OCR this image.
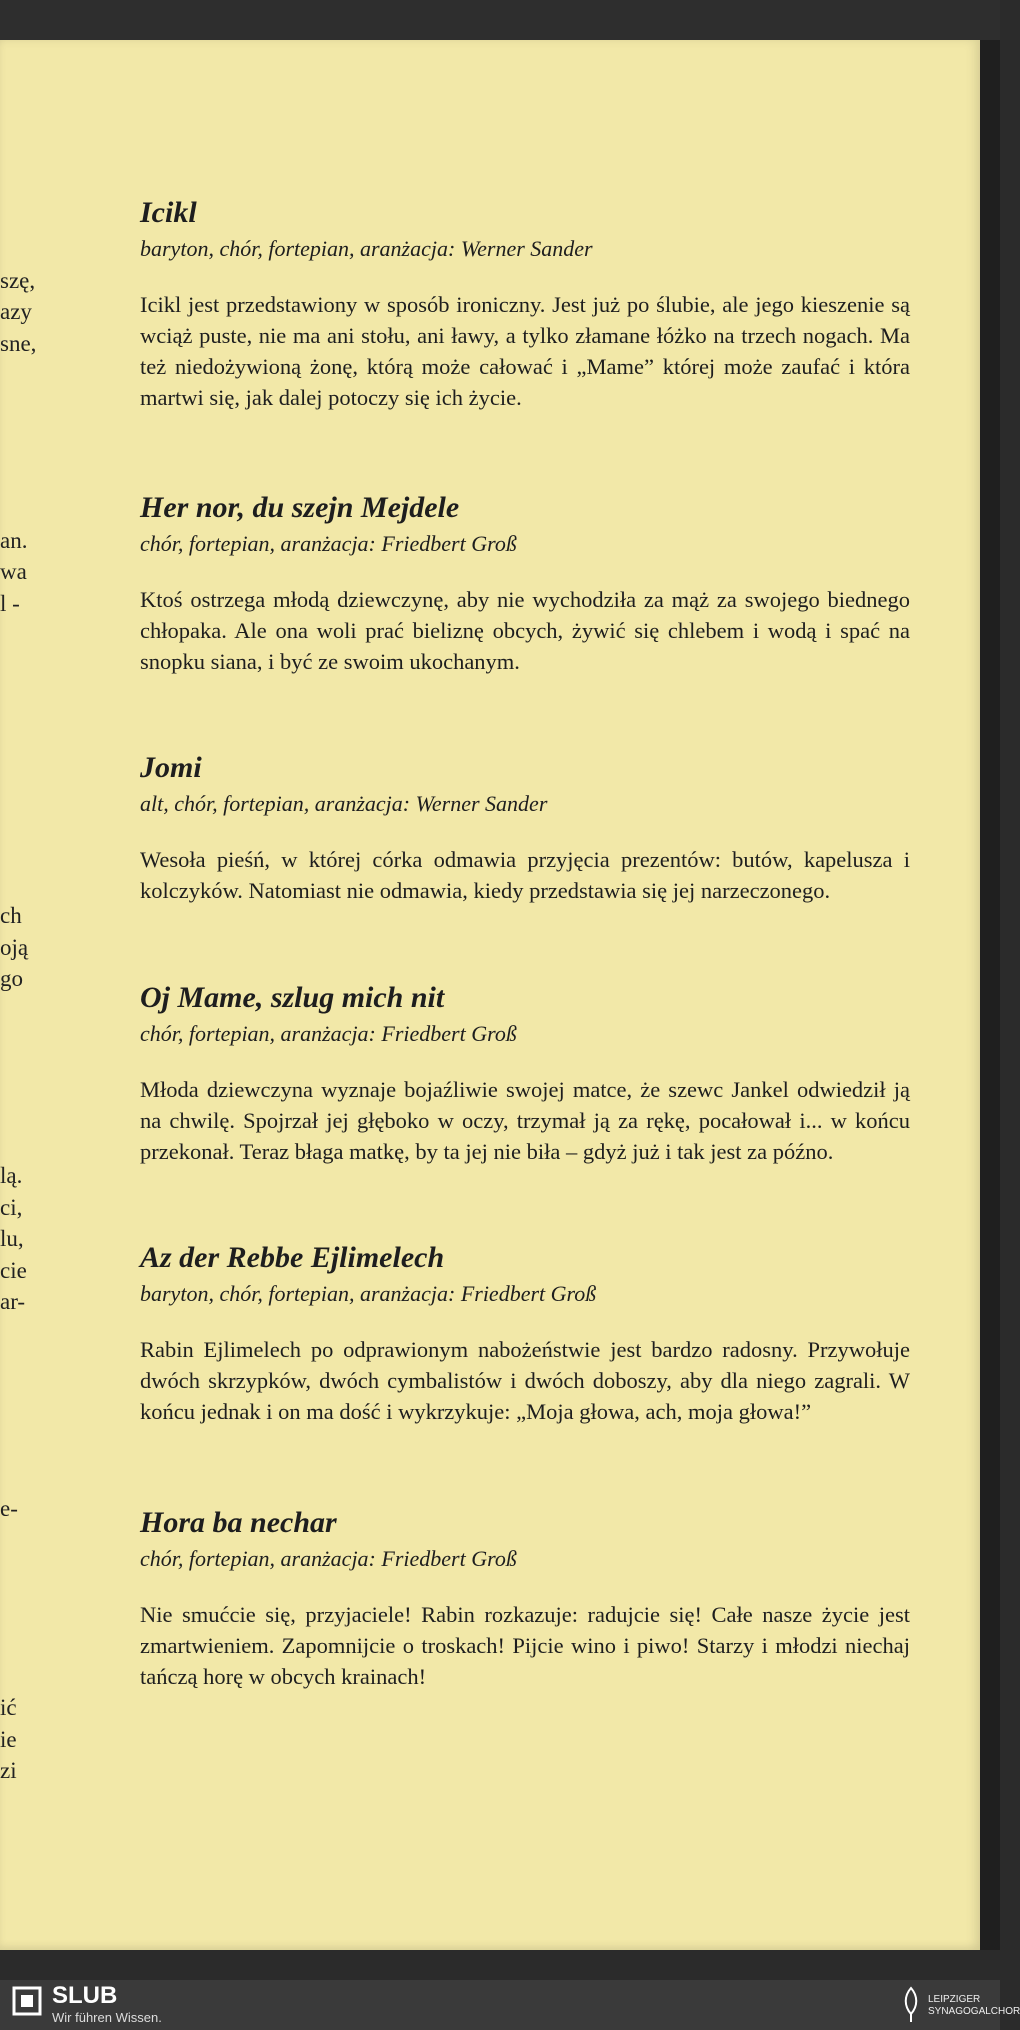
szę,
azy
sne,
an.
wa
l -
ch
oją
go
lą.
ci,
lu,
cie
ar-
e-
ić
ie
zi
Icikl

baryton, chór, fortepian, aranżacja: Werner Sander

Icikl jest przedstawiony w sposób ironiczny. Jest już po ślubie, ale jego kieszenie są wciąż puste, nie ma ani stołu, ani ławy, a tylko złamane łóżko na trzech nogach. Ma też niedożywioną żonę, którą może całować i „Mame” której może zaufać i która martwi się, jak dalej potoczy się ich życie.

Her nor, du szejn Mejdele

chór, fortepian, aranżacja: Friedbert Groß

Ktoś ostrzega młodą dziewczynę, aby nie wychodziła za mąż za swojego biednego chłopaka. Ale ona woli prać bieliznę obcych, żywić się chlebem i wodą i spać na snopku siana, i być ze swoim ukochanym.

Jomi

alt, chór, fortepian, aranżacja: Werner Sander

Wesoła pieśń, w której córka odmawia przyjęcia prezentów: butów, kapelusza i kolczyków. Natomiast nie odmawia, kiedy przedstawia się jej narzeczonego.

Oj Mame, szlug mich nit

chór, fortepian, aranżacja: Friedbert Groß

Młoda dziewczyna wyznaje bojaźliwie swojej matce, że szewc Jankel odwiedził ją na chwilę. Spojrzał jej głęboko w oczy, trzymał ją za rękę, pocałował i... w końcu przekonał. Teraz błaga matkę, by ta jej nie biła – gdyż już i tak jest za późno.

Az der Rebbe Ejlimelech

baryton, chór, fortepian, aranżacja: Friedbert Groß

Rabin Ejlimelech po odprawionym nabożeństwie jest bardzo radosny. Przywołuje dwóch skrzypków, dwóch cymbalistów i dwóch doboszy, aby dla niego zagrali. W końcu jednak i on ma dość i wykrzykuje: „Moja głowa, ach, moja głowa!”

Hora ba nechar

chór, fortepian, aranżacja: Friedbert Groß

Nie smućcie się, przyjaciele! Rabin rozkazuje: radujcie się! Całe nasze życie jest zmartwieniem. Zapomnijcie o troskach! Pijcie wino i piwo! Starzy i młodzi niechaj tańczą horę w obcych krainach!

SLUB
Wir führen Wissen.
LEIPZIGER
SYNAGOGALCHOR
